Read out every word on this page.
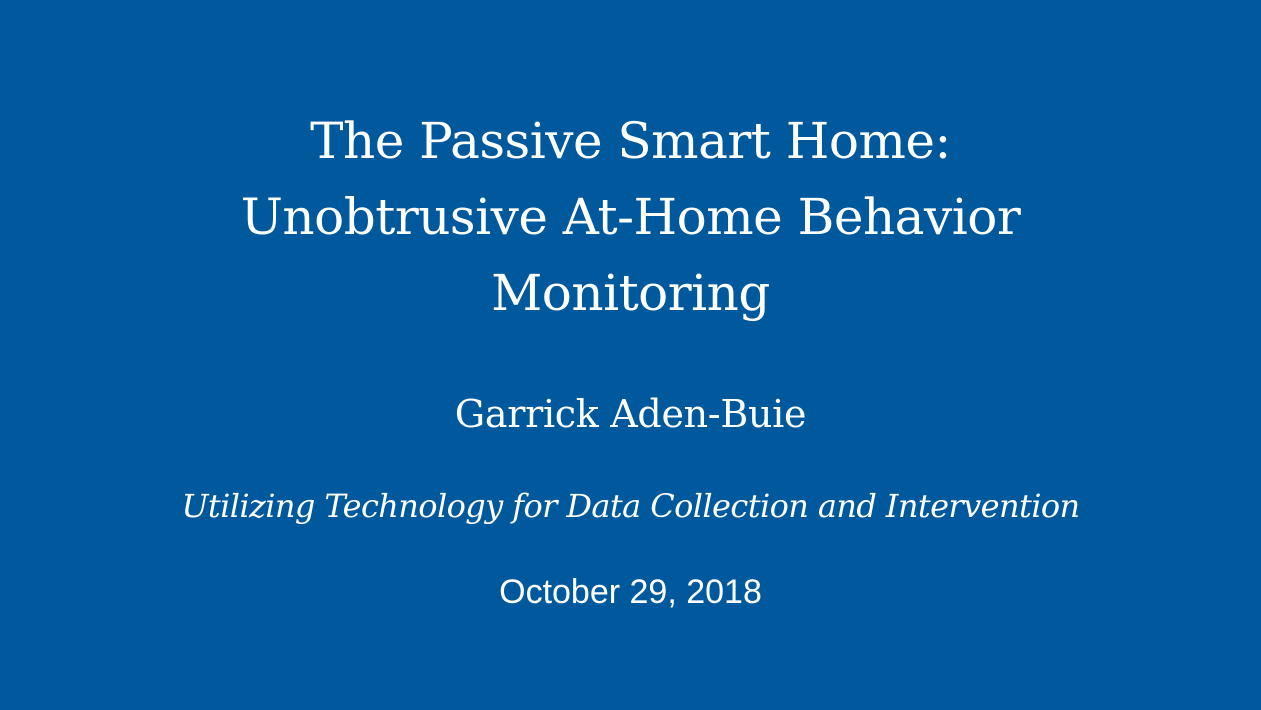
The Passive Smart Home:
Unobtrusive At-Home Behavior
Monitoring
Garrick Aden-Buie
Utilizing Technology for Data Collection and Intervention

October 29, 2018
